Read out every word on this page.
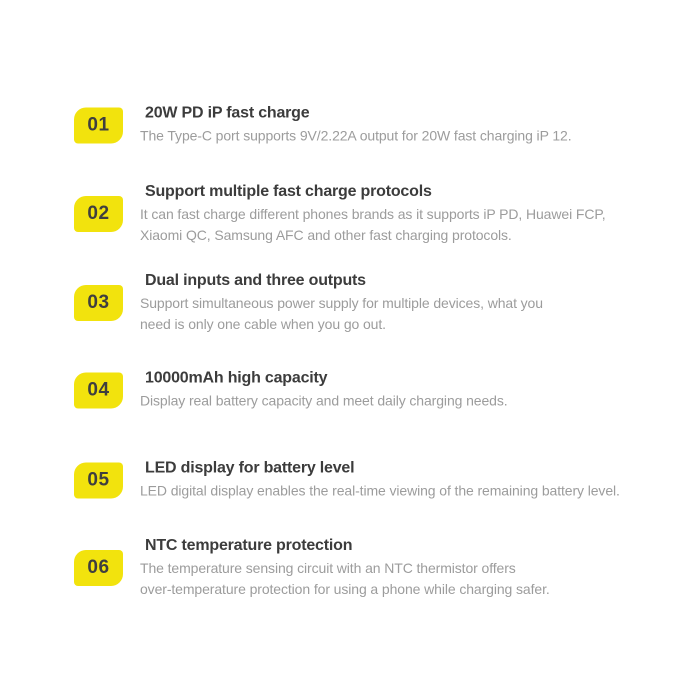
01
20W PD iP fast charge
The Type-C port supports 9V/2.22A output for 20W fast charging iP 12.
02
Support multiple fast charge protocols
It can fast charge different phones brands as it supports iP PD, Huawei FCP,
Xiaomi QC, Samsung AFC and other fast charging protocols.
03
Dual inputs and three outputs
Support simultaneous power supply for multiple devices, what you
need is only one cable when you go out.
04
10000mAh high capacity
Display real battery capacity and meet daily charging needs.
05
LED display for battery level
LED digital display enables the real-time viewing of the remaining battery level.
06
NTC temperature protection
The temperature sensing circuit with an NTC thermistor offers
over-temperature protection for using a phone while charging safer.
